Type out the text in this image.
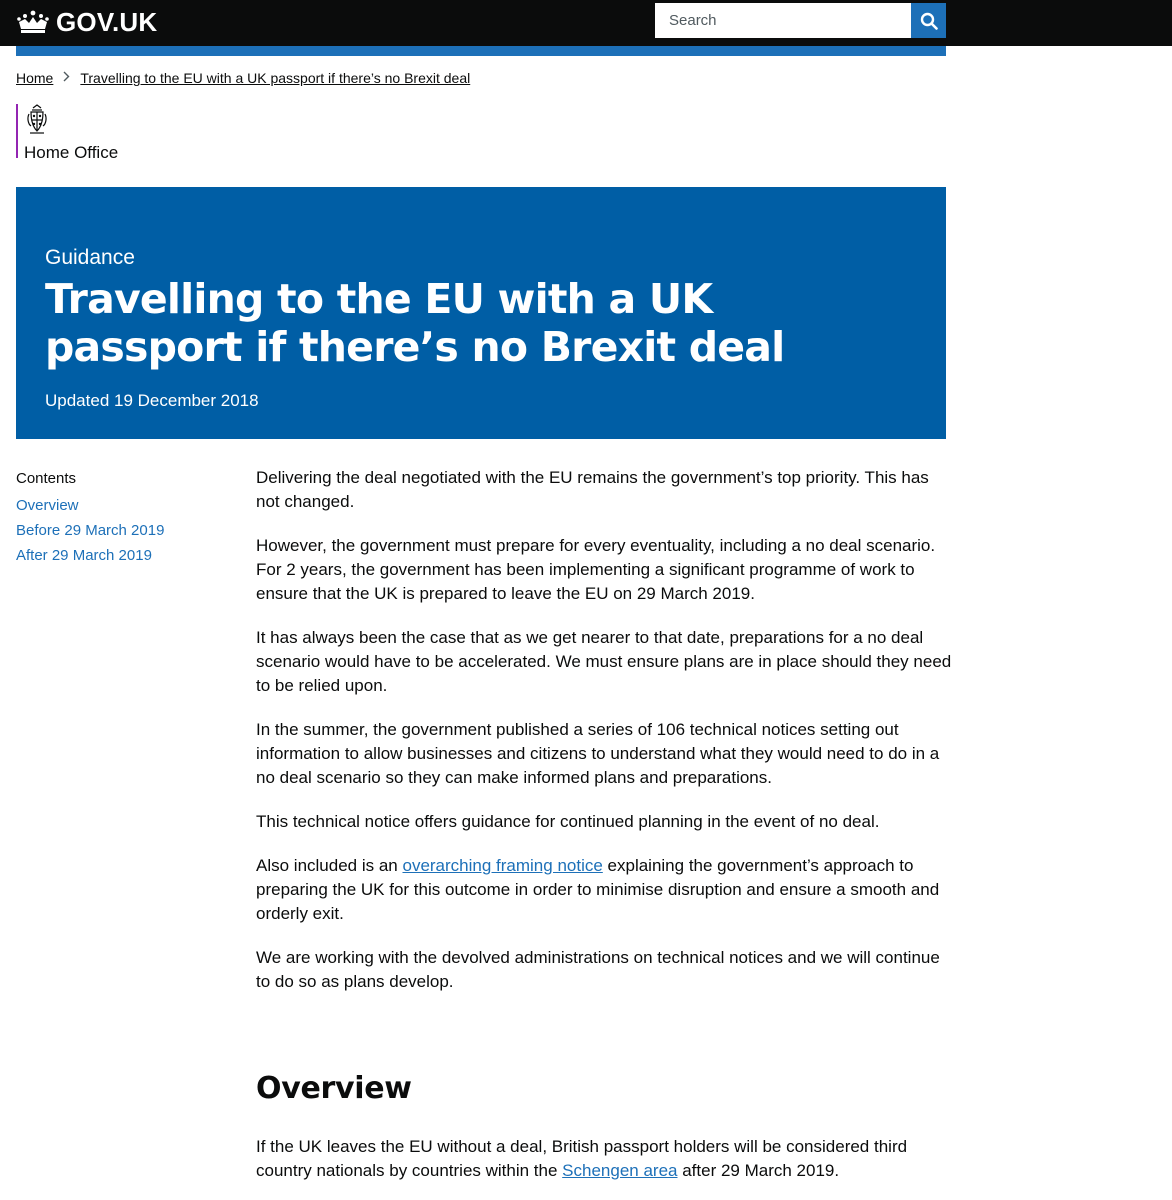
GOV.UK
Search
Home Travelling to the EU with a UK passport if there’s no Brexit deal
Home Office
Guidance
Travelling to the EU with a UK passport if there’s no Brexit deal
Updated 19 December 2018
Contents
Overview
Before 29 March 2019
After 29 March 2019

Delivering the deal negotiated with the EU remains the government’s top priority. This has not changed.

However, the government must prepare for every eventuality, including a no deal scenario. For 2 years, the government has been implementing a significant programme of work to ensure that the UK is prepared to leave the EU on 29 March 2019.

It has always been the case that as we get nearer to that date, preparations for a no deal scenario would have to be accelerated. We must ensure plans are in place should they need to be relied upon.

In the summer, the government published a series of 106 technical notices setting out information to allow businesses and citizens to understand what they would need to do in a no deal scenario so they can make informed plans and preparations.

This technical notice offers guidance for continued planning in the event of no deal.

Also included is an overarching framing notice explaining the government’s approach to preparing the UK for this outcome in order to minimise disruption and ensure a smooth and orderly exit.

We are working with the devolved administrations on technical notices and we will continue to do so as plans develop.

Overview

If the UK leaves the EU without a deal, British passport holders will be considered third country nationals by countries within the Schengen area after 29 March 2019.
